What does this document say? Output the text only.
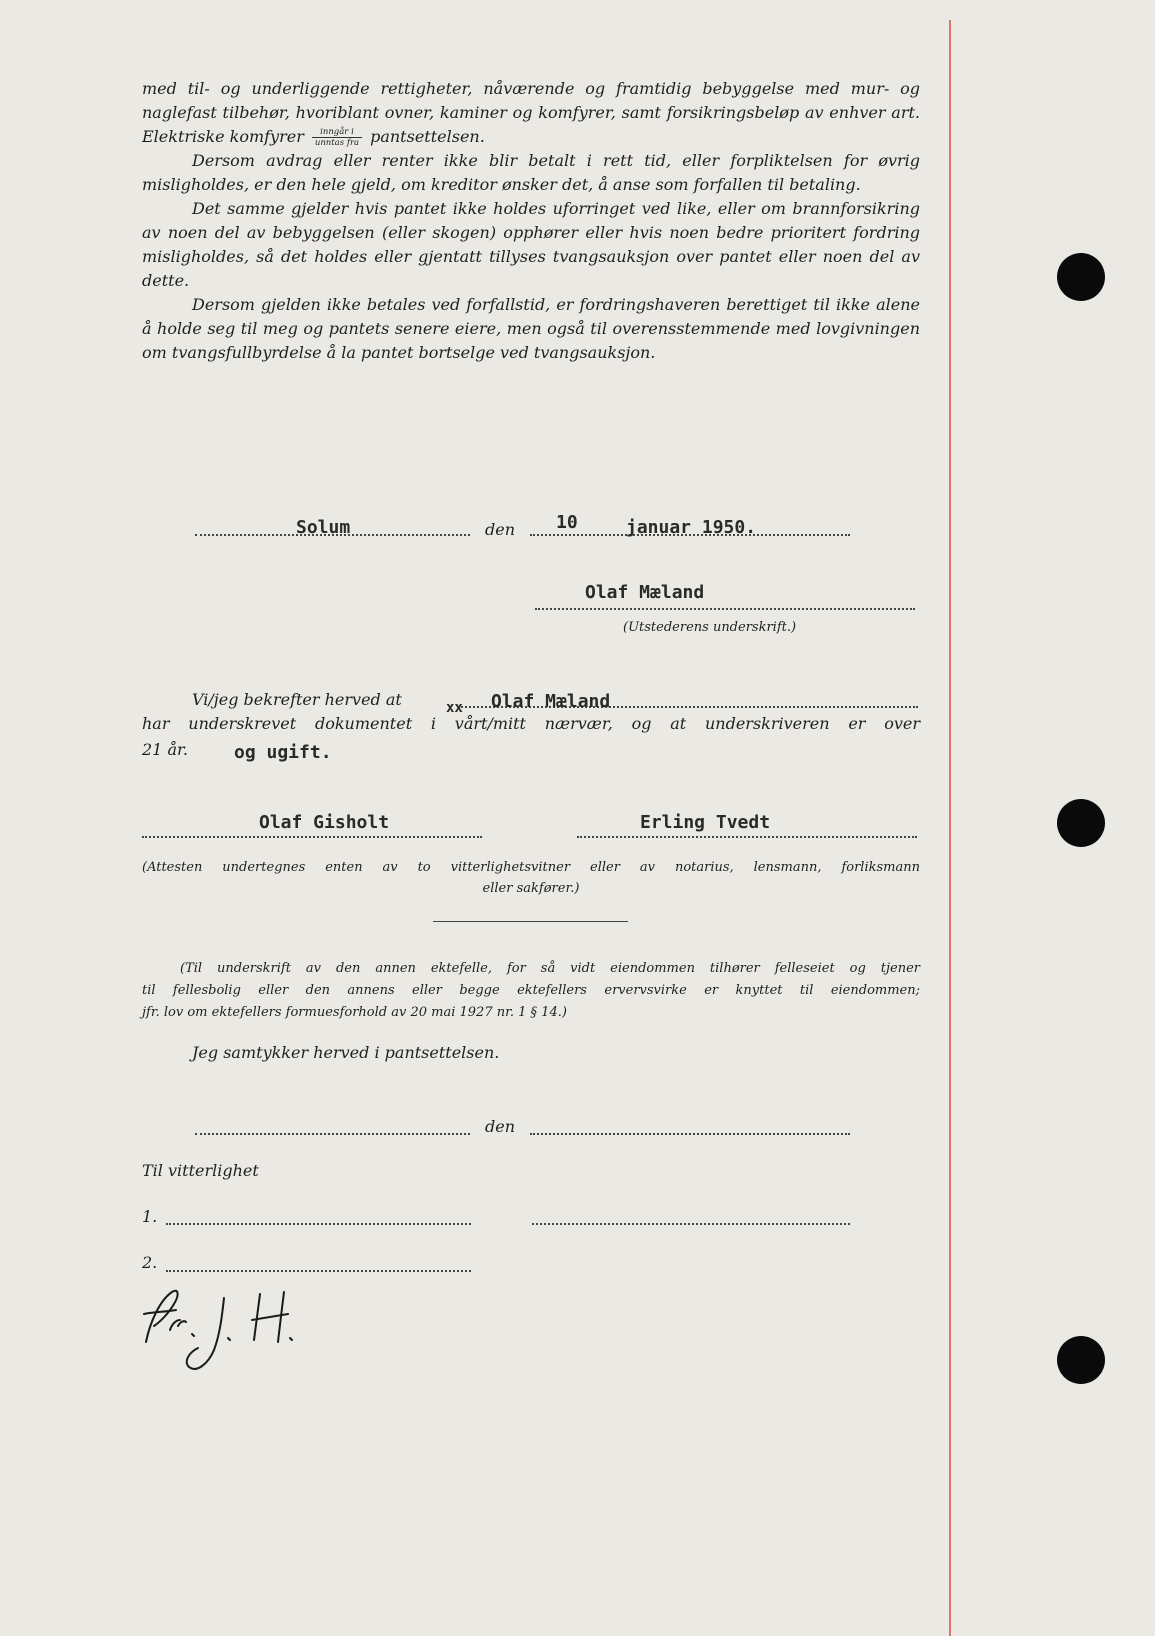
med til- og underliggende rettigheter, nåværende og framtidig bebyggelse med mur- og naglefast tilbehør, hvoriblant ovner, kaminer og komfyrer, samt forsikringsbeløp av enhver art. Elektriske komfyrer $\frac{\text{inngår i}}{\text{unntas fra}}$ pantsettelsen.

Dersom avdrag eller renter ikke blir betalt i rett tid, eller forpliktelsen for øvrig misligholdes, er den hele gjeld, om kreditor ønsker det, å anse som forfallen til betaling.

Det samme gjelder hvis pantet ikke holdes uforringet ved like, eller om brannforsikring av noen del av bebyggelsen (eller skogen) opphører eller hvis noen bedre prioritert fordring misligholdes, så det holdes eller gjentatt tillyses tvangsauksjon over pantet eller noen del av dette.

Dersom gjelden ikke betales ved forfallstid, er fordringshaveren berettiget til ikke alene å holde seg til meg og pantets senere eiere, men også til overensstemmende med lovgivningen om tvangsfullbyrdelse å la pantet bortselge ved tvangsauksjon.

Solum	den 10	januar 1950.
Olaf Mæland
(Utstederens underskrift.)
Vi/jeg bekrefter herved at	Olaf Mæland
xx
har underskrevet dokumentet i vårt/mitt nærvær, og at underskriveren er over
21 år.	og ugift.
Olaf Gisholt	Erling Tvedt
(Attesten undertegnes enten av to vitterlighetsvitner eller av notarius, lensmann, forliksmann
eller sakfører.)
(Til underskrift av den annen ektefelle, for så vidt eiendommen tilhører felleseiet og tjener
til fellesbolig eller den annens eller begge ektefellers ervervsvirke er knyttet til eiendommen;
jfr. lov om ektefellers formuesforhold av 20 mai 1927 nr. 1 § 14.)
Jeg samtykker herved i pantsettelsen.
den
Til vitterlighet
1.
2.
